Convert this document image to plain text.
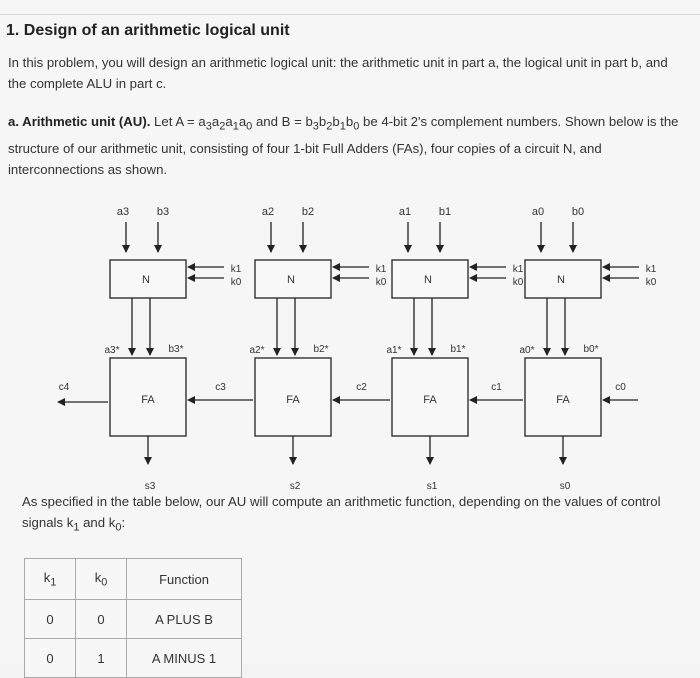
1. Design of an arithmetic logical unit
In this problem, you will design an arithmetic logical unit: the arithmetic unit in part a, the logical unit in part b, and the complete ALU in part c.
a. Arithmetic unit (AU). Let $A = a_3a_2a_1a_0$ and $B = b_3b_2b_1b_0$ be 4-bit 2's complement numbers. Shown below is the structure of our arithmetic unit, consisting of four 1-bit Full Adders (FAs), four copies of a circuit N, and interconnections as shown.
a3	b3
N
k1
k0
a3*	b3*
FA
c3
s3
a2	b2
N
k1
k0
a2*	b2*
FA
c2
s2
a1	b1
N
k1
k0
a1*	b1*
FA
c1
s1
a0	b0
N
k1
k0
a0*	b0*
FA
c0
s0
c4
As specified in the table below, our AU will compute an arithmetic function, depending on the values of control signals $k_1$ and $k_0$:
$k_1$	$k_0$	Function
0	0	A PLUS B
0	1	A MINUS 1
